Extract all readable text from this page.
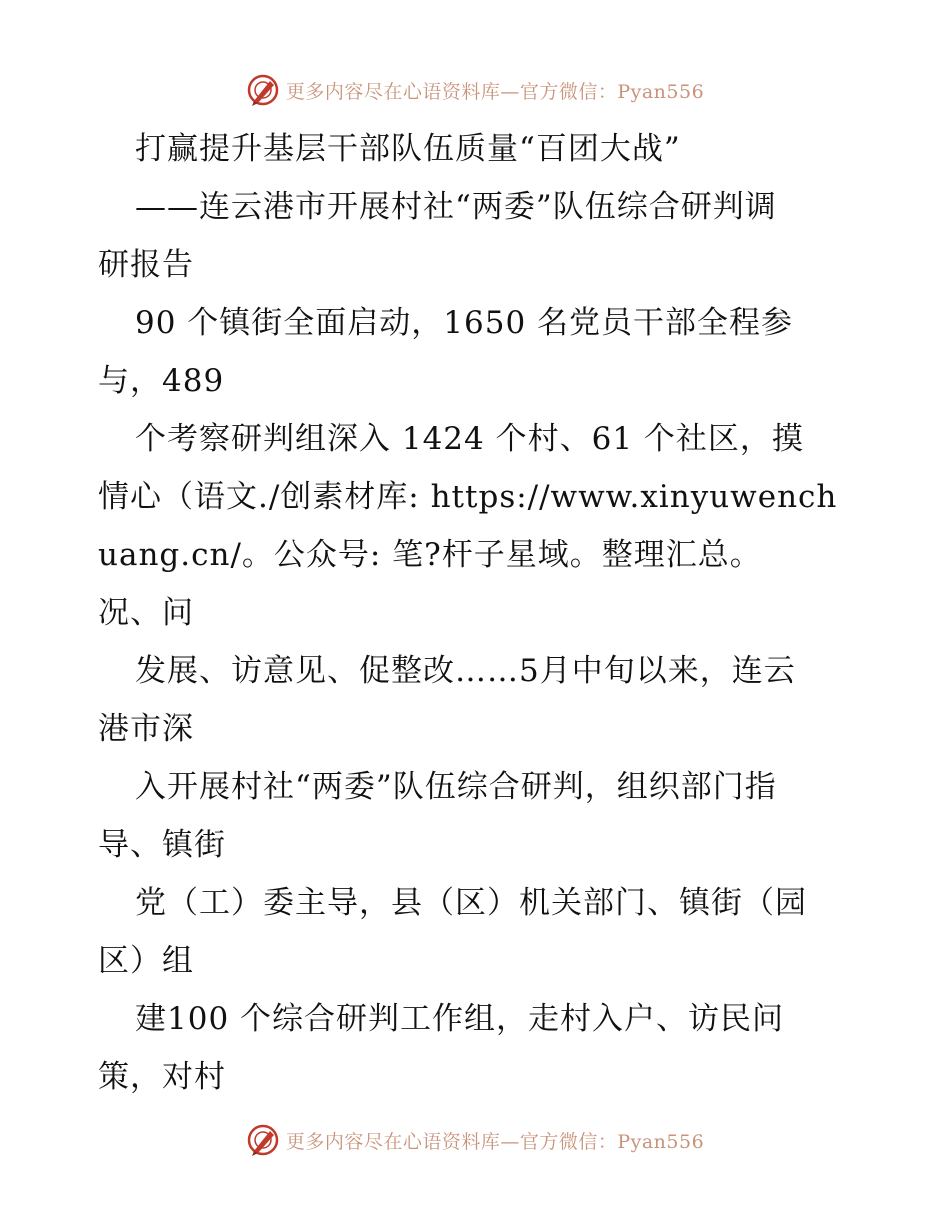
更多内容尽在心语资料库—官方微信：Pyan556
打赢提升基层干部队伍质量“百团大战”
——连云港市开展村社“两委”队伍综合研判调
研报告
90 个镇街全面启动，1650 名党员干部全程参
与，489
个考察研判组深入 1424 个村、61 个社区，摸
情心（语文./创素材库: https://www.xinyuwench
uang.cn/。公众号: 笔?杆子星域。整理汇总。
况、问
发展、访意见、促整改……5月中旬以来，连云
港市深
入开展村社“两委”队伍综合研判，组织部门指
导、镇街
党（工）委主导，县（区）机关部门、镇街（园
区）组
建100 个综合研判工作组，走村入户、访民问
策，对村
更多内容尽在心语资料库—官方微信：Pyan556
